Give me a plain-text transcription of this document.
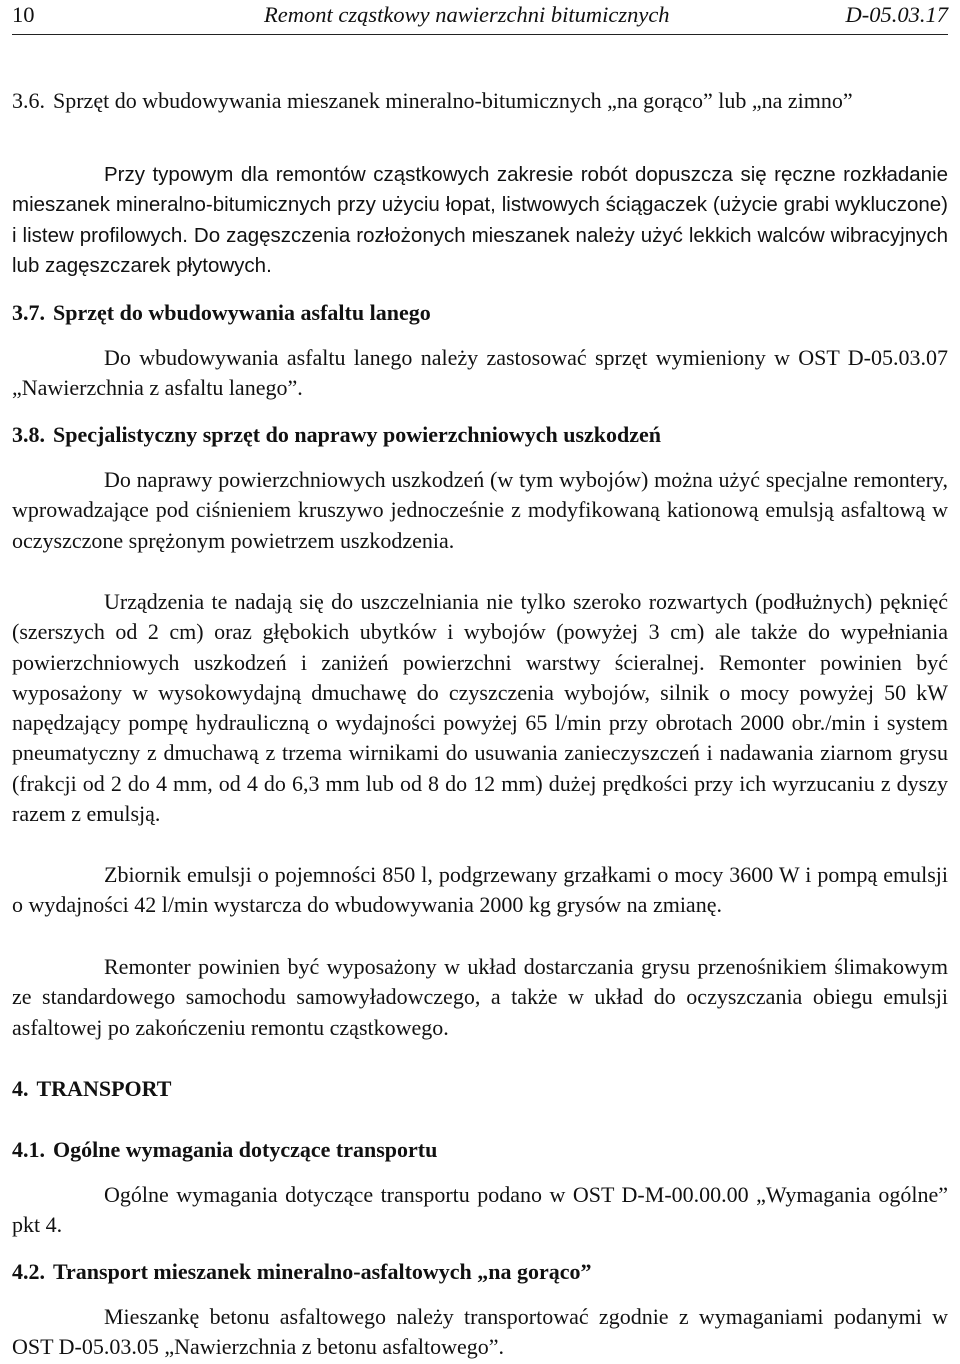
10	Remont cząstkowy nawierzchni bitumicznych	D-05.03.17
3.6. Sprzęt do wbudowywania mieszanek mineralno-bitumicznych „na gorąco” lub „na zimno”
Przy typowym dla remontów cząstkowych zakresie robót dopuszcza się ręczne rozkładanie mieszanek mineralno-bitumicznych przy użyciu łopat, listwowych ściągaczek (użycie grabi wykluczone) i listew profilowych. Do zagęszczenia rozłożonych mieszanek należy użyć lekkich walców wibracyjnych lub zagęszczarek płytowych.
3.7. Sprzęt do wbudowywania asfaltu lanego
Do wbudowywania asfaltu lanego należy zastosować sprzęt wymieniony w OST D-05.03.07 „Nawierzchnia z asfaltu lanego”.
3.8. Specjalistyczny sprzęt do naprawy powierzchniowych uszkodzeń
Do naprawy powierzchniowych uszkodzeń (w tym wybojów) można użyć specjalne remontery, wprowadzające pod ciśnieniem kruszywo jednocześnie z modyfikowaną kationową emulsją asfaltową w oczyszczone sprężonym powietrzem uszkodzenia.
Urządzenia te nadają się do uszczelniania nie tylko szeroko rozwartych (podłużnych) pęknięć (szerszych od 2 cm) oraz głębokich ubytków i wybojów (powyżej 3 cm) ale także do wypełniania powierzchniowych uszkodzeń i zaniżeń powierzchni warstwy ścieralnej. Remonter powinien być wyposażony w wysokowydajną dmuchawę do czyszczenia wybojów, silnik o mocy powyżej 50 kW napędzający pompę hydrauliczną o wydajności powyżej 65 l/min przy obrotach 2000 obr./min i system pneumatyczny z dmuchawą z trzema wirnikami do usuwania zanieczyszczeń i nadawania ziarnom grysu (frakcji od 2 do 4 mm, od 4 do 6,3 mm lub od 8 do 12 mm) dużej prędkości przy ich wyrzucaniu z dyszy razem z emulsją.
Zbiornik emulsji o pojemności 850 l, podgrzewany grzałkami o mocy 3600 W i pompą emulsji o wydajności 42 l/min wystarcza do wbudowywania 2000 kg grysów na zmianę.
Remonter powinien być wyposażony w układ dostarczania grysu przenośnikiem ślimakowym ze standardowego samochodu samowyładowczego, a także w układ do oczyszczania obiegu emulsji asfaltowej po zakończeniu remontu cząstkowego.
4. TRANSPORT
4.1. Ogólne wymagania dotyczące transportu
Ogólne wymagania dotyczące transportu podano w OST D-M-00.00.00 „Wymagania ogólne” pkt 4.
4.2. Transport mieszanek mineralno-asfaltowych „na gorąco”
Mieszankę betonu asfaltowego należy transportować zgodnie z wymaganiami podanymi w OST D-05.03.05 „Nawierzchnia z betonu asfaltowego”.
